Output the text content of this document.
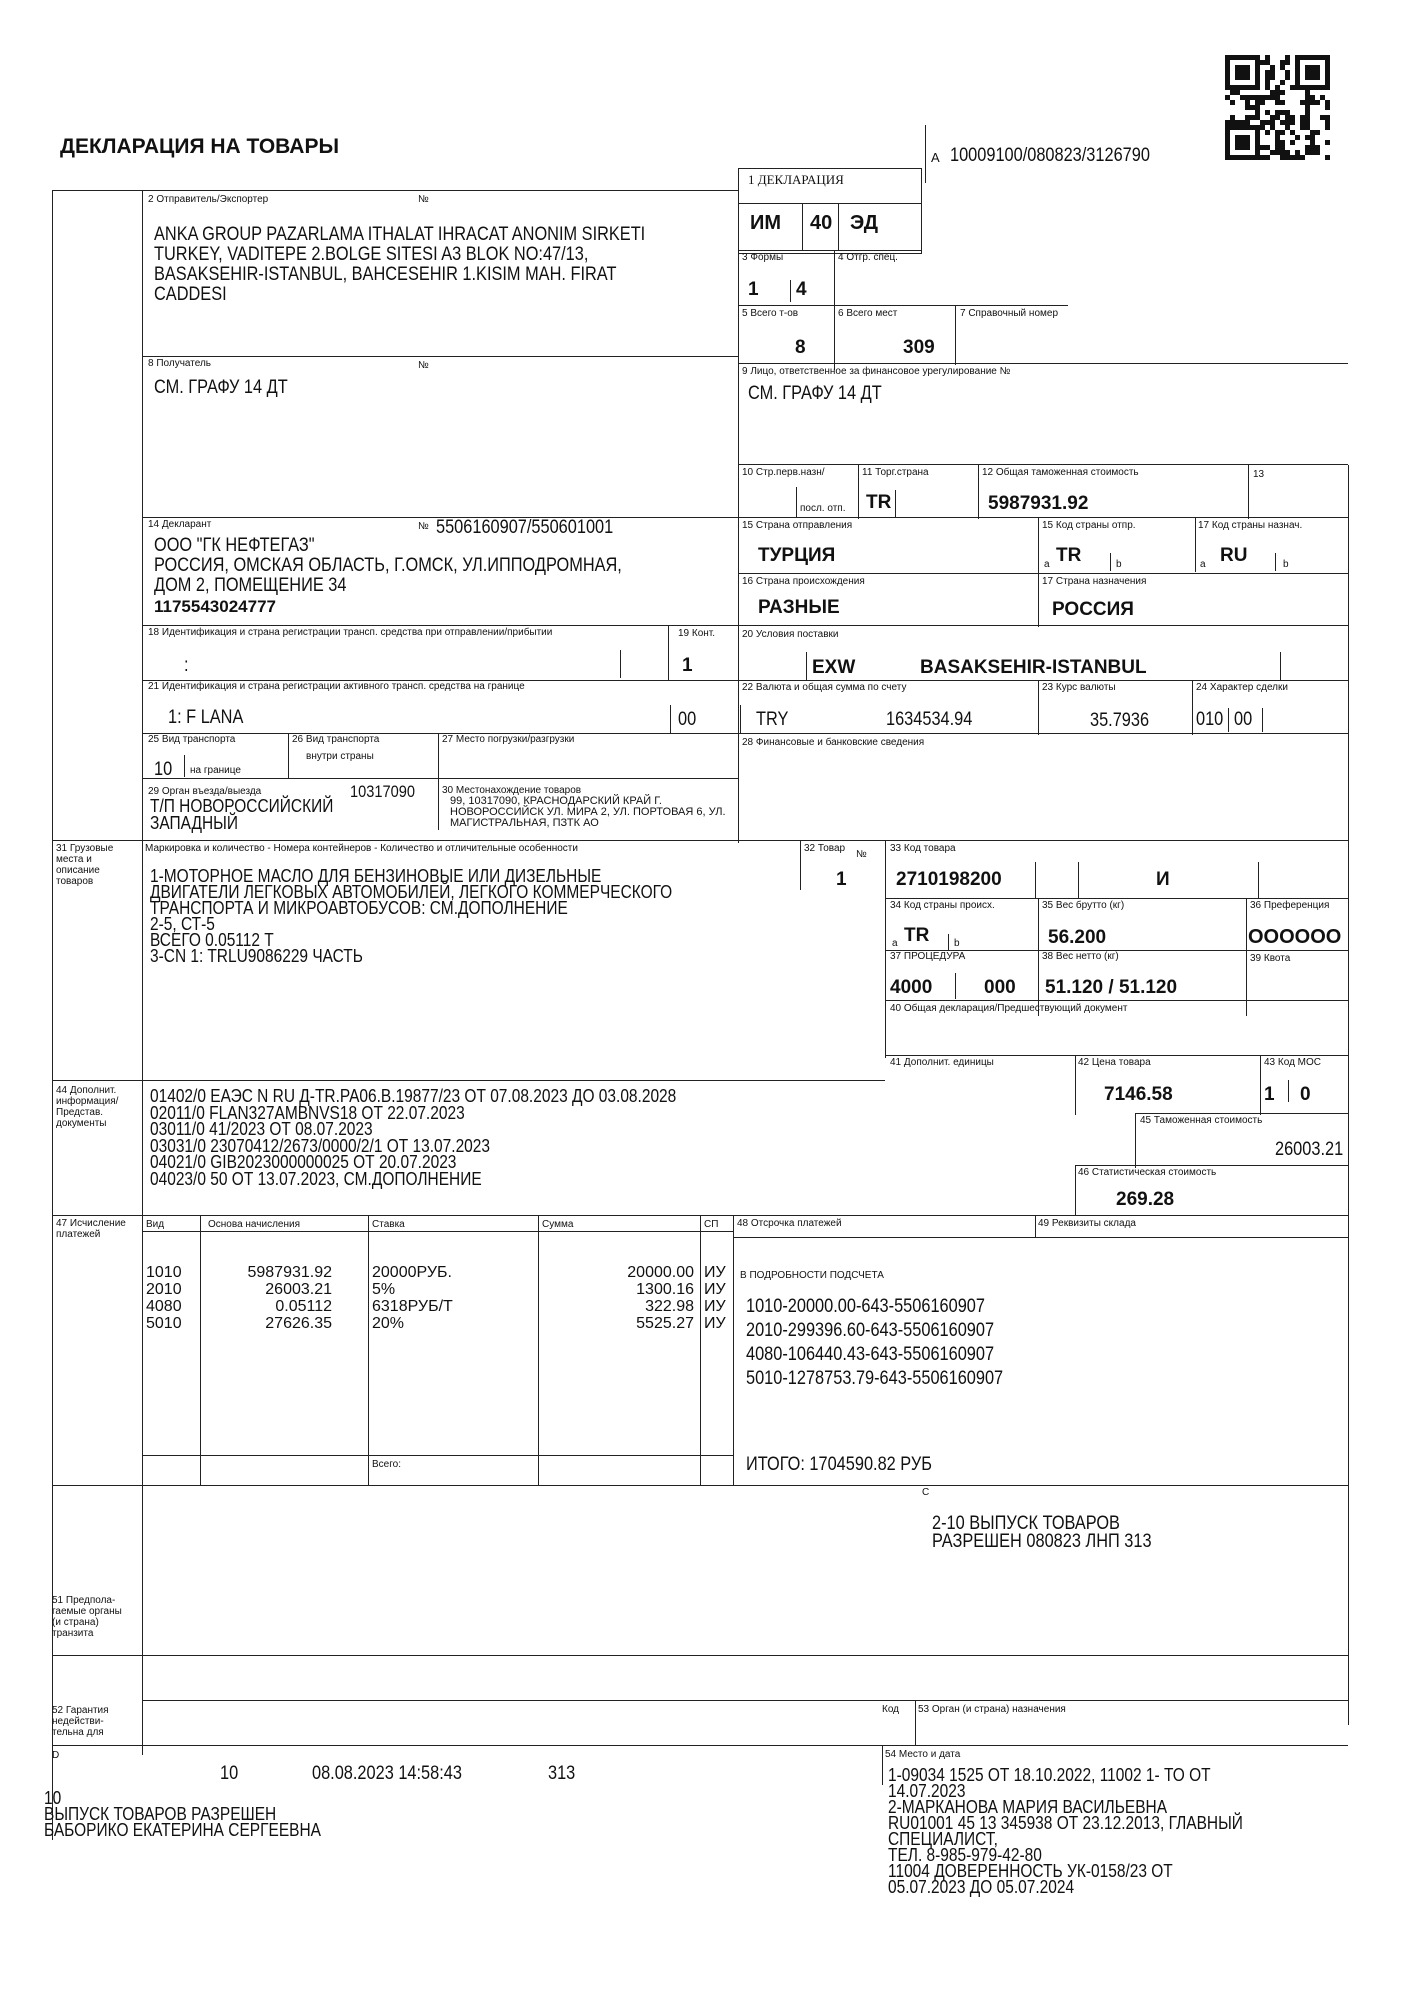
ДЕКЛАРАЦИЯ НА ТОВАРЫ	A 10009100/080823/3126790
1 ДЕКЛАРАЦИЯ
ИМ 40 ЭД
2 Отправитель/Экспортер	№
ANKA GROUP PAZARLAMA ITHALAT IHRACAT ANONIM SIRKETI
TURKEY, VADITEPE 2.BOLGE SITESI A3 BLOK NO:47/13,
BASAKSEHIR-ISTANBUL, BAHCESEHIR 1.KISIM MAH. FIRAT
CADDESI
3 Формы	4 Отгр. спец.
1 4
5 Всего т-ов	6 Всего мест	7 Справочный номер
8	309
8 Получатель	№
СМ. ГРАФУ 14 ДТ
9 Лицо, ответственное за финансовое урегулирование №
СМ. ГРАФУ 14 ДТ
10 Стр.перв.назн/
посл. отп.
11 Торг.страна
TR
12 Общая таможенная стоимость
5987931.92
13
14 Декларант	№ 5506160907/550601001
ООО "ГК НЕФТЕГАЗ"
РОССИЯ, ОМСКАЯ ОБЛАСТЬ, Г.ОМСК, УЛ.ИППОДРОМНАЯ,
ДОМ 2, ПОМЕЩЕНИЕ 34
1175543024777
15 Страна отправления
ТУРЦИЯ
15 Код страны отпр.
a TR	b
17 Код страны назнач.
a RU	b
16 Страна происхождения
РАЗНЫЕ
17 Страна назначения
РОССИЯ
18 Идентификация и страна регистрации трансп. средства при отправлении/прибытии
:
19 Конт.
1
20 Условия поставки
EXW	BASAKSEHIR-ISTANBUL
21 Идентификация и страна регистрации активного трансп. средства на границе
1: F LANA	00
22 Валюта и общая сумма по счету
TRY	1634534.94
23 Курс валюты
35.7936
24 Характер сделки
010 00
25 Вид транспорта
10 на границе
26 Вид транспорта
внутри страны
27 Место погрузки/разгрузки	28 Финансовые и банковские сведения
29 Орган въезда/выезда	10317090
Т/П НОВОРОССИЙСКИЙ
ЗАПАДНЫЙ
30 Местонахождение товаров
99, 10317090, КРАСНОДАРСКИЙ КРАЙ Г.
НОВОРОССИЙСК УЛ. МИРА 2, УЛ. ПОРТОВАЯ 6, УЛ.
МАГИСТРАЛЬНАЯ, ПЗТК АО
31 Грузовые
места и
описание
товаров
Маркировка и количество - Номера контейнеров - Количество и отличительные особенности
1-МОТОРНОЕ МАСЛО ДЛЯ БЕНЗИНОВЫЕ ИЛИ ДИЗЕЛЬНЫЕ
ДВИГАТЕЛИ ЛЕГКОВЫХ АВТОМОБИЛЕЙ, ЛЕГКОГО КОММЕРЧЕСКОГО
ТРАНСПОРТА И МИКРОАВТОБУСОВ: СМ.ДОПОЛНЕНИЕ
2-5, СТ-5
ВСЕГО 0.05112 Т
3-CN 1: TRLU9086229 ЧАСТЬ
32 Товар
№
1
33 Код товара
2710198200	И
34 Код страны происх.
a TR b
35 Вес брутто (кг)
56.200
36 Преференция
ОООООО
37 ПРОЦЕДУРА
4000	000
38 Вес нетто (кг)
51.120 / 51.120
39 Квота
40 Общая декларация/Предшествующий документ
41 Дополнит. единицы	42 Цена товара
7146.58
43 Код МОС
1 0
44 Дополнит.
информация/
Представ.
документы
01402/0 ЕАЭС N RU Д-TR.PA06.B.19877/23 ОТ 07.08.2023 ДО 03.08.2028
02011/0 FLAN327AMBNVS18 ОТ 22.07.2023
03011/0 41/2023 ОТ 08.07.2023
03031/0 23070412/2673/0000/2/1 ОТ 13.07.2023
04021/0 GIB2023000000025 ОТ 20.07.2023
04023/0 50 ОТ 13.07.2023, СМ.ДОПОЛНЕНИЕ
45 Таможенная стоимость
26003.21
46 Статистическая стоимость
269.28
47 Исчисление
платежей
Вид	Основа начисления	Ставка	Сумма	СП
1010	5987931.92	20000РУБ.	20000.00 ИУ
2010	26003.21	5%	1300.16 ИУ
4080	0.05112	6318РУБ/Т	322.98 ИУ
5010	27626.35	20%	5525.27 ИУ
Всего:
48 Отсрочка платежей	49 Реквизиты склада
В ПОДРОБНОСТИ ПОДСЧЕТА
1010-20000.00-643-5506160907
2010-299396.60-643-5506160907
4080-106440.43-643-5506160907
5010-1278753.79-643-5506160907
ИТОГО: 1704590.82 РУБ
C
2-10 ВЫПУСК ТОВАРОВ
РАЗРЕШЕН 080823 ЛНП 313
51 Предпола-
гаемые органы
(и страна)
транзита
52 Гарантия
недействи-
тельна для
Код 53 Орган (и страна) назначения
D	54 Место и дата
10	08.08.2023 14:58:43	313
10
ВЫПУСК ТОВАРОВ РАЗРЕШЕН
БАБОРИКО ЕКАТЕРИНА СЕРГЕЕВНА
1-09034 1525 ОТ 18.10.2022, 11002 1- ТО ОТ
14.07.2023
2-МАРКАНОВА МАРИЯ ВАСИЛЬЕВНА
RU01001 45 13 345938 ОТ 23.12.2013, ГЛАВНЫЙ
СПЕЦИАЛИСТ,
ТЕЛ. 8-985-979-42-80
11004 ДОВЕРЕННОСТЬ УК-0158/23 ОТ
05.07.2023 ДО 05.07.2024
